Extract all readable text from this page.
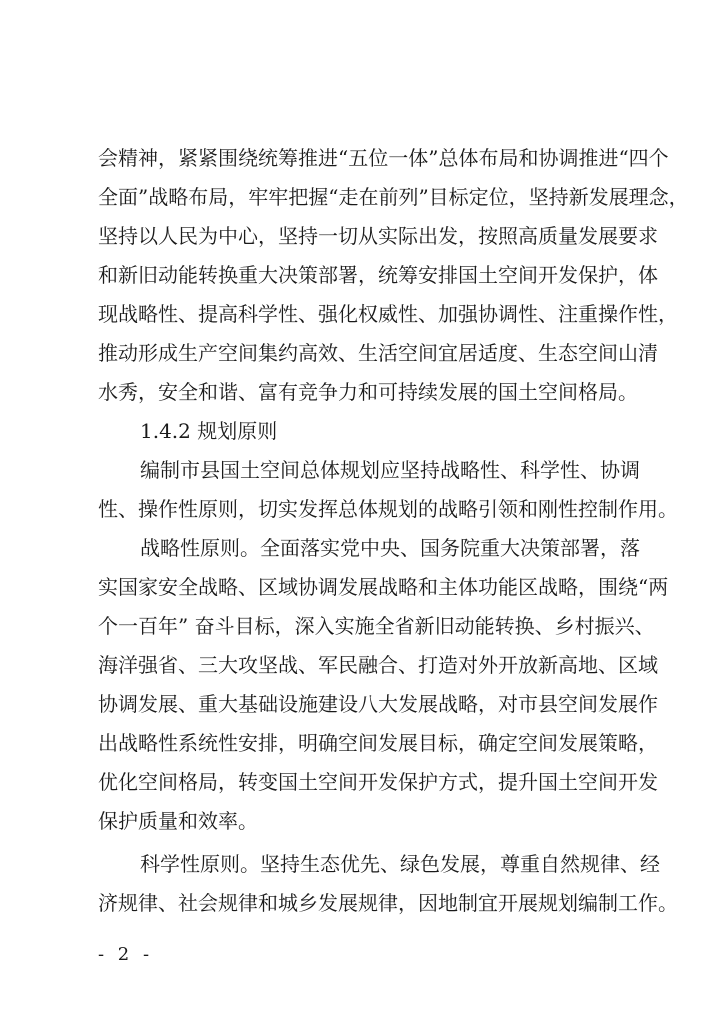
会精神，紧紧围绕统筹推进“五位一体”总体布局和协调推进“四个
全面”战略布局，牢牢把握“走在前列”目标定位，坚持新发展理念，
坚持以人民为中心，坚持一切从实际出发，按照高质量发展要求
和新旧动能转换重大决策部署，统筹安排国土空间开发保护，体
现战略性、提高科学性、强化权威性、加强协调性、注重操作性，
推动形成生产空间集约高效、生活空间宜居适度、生态空间山清
水秀，安全和谐、富有竞争力和可持续发展的国土空间格局。
1.4.2 规划原则
编制市县国土空间总体规划应坚持战略性、科学性、协调
性、操作性原则，切实发挥总体规划的战略引领和刚性控制作用。
战略性原则。全面落实党中央、国务院重大决策部署，落
实国家安全战略、区域协调发展战略和主体功能区战略，围绕“两
个一百年” 奋斗目标，深入实施全省新旧动能转换、乡村振兴、
海洋强省、三大攻坚战、军民融合、打造对外开放新高地、区域
协调发展、重大基础设施建设八大发展战略，对市县空间发展作
出战略性系统性安排，明确空间发展目标，确定空间发展策略，
优化空间格局，转变国土空间开发保护方式，提升国土空间开发
保护质量和效率。
科学性原则。坚持生态优先、绿色发展，尊重自然规律、经
济规律、社会规律和城乡发展规律，因地制宜开展规划编制工作。
- 2 -
